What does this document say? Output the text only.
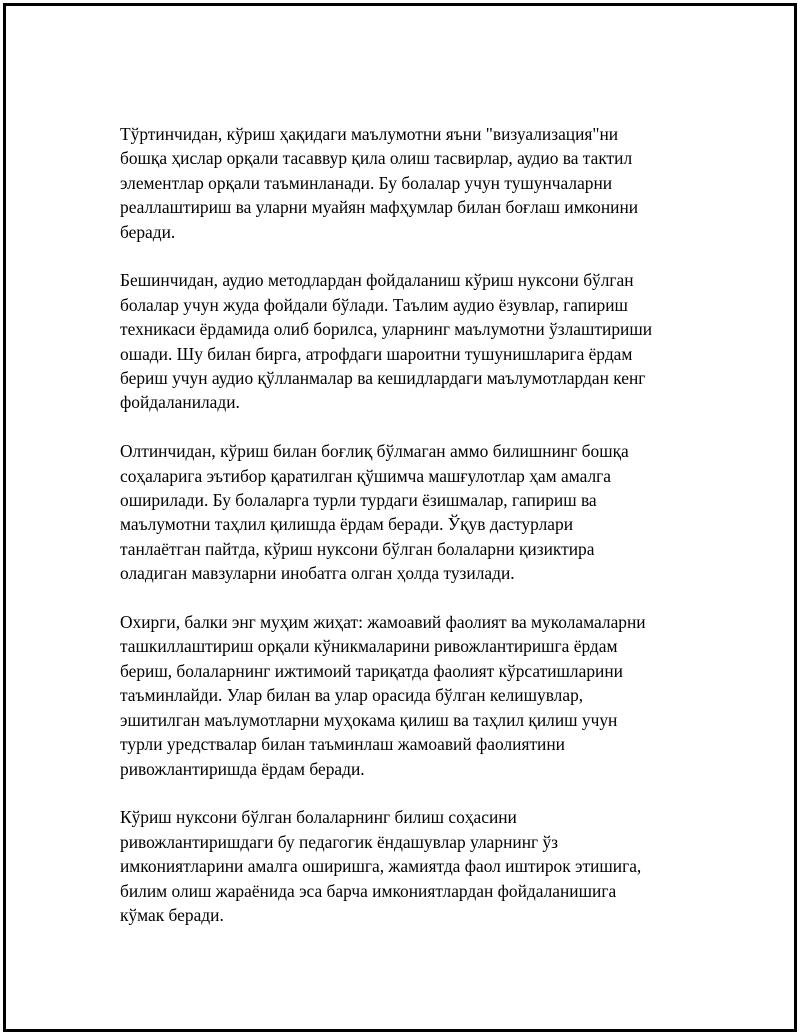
Тўртинчидан, кўриш ҳақидаги маълумотни яъни "визуализация"ни
бошқа ҳислар орқали тасаввур қила олиш тасвирлар, аудио ва тактил
элементлар орқали таъминланади. Бу болалар учун тушунчаларни
реаллаштириш ва уларни муайян мафҳумлар билан боғлаш имконини
беради.

Бешинчидан, аудио методлардан фойдаланиш кўриш нуксони бўлган
болалар учун жуда фойдали бўлади. Таълим аудио ёзувлар, гапириш
техникаси ёрдамида олиб борилса, уларнинг маълумотни ўзлаштириши
ошади. Шу билан бирга, атрофдаги шароитни тушунишларига ёрдам
бериш учун аудио қўлланмалар ва кешидлардаги маълумотлардан кенг
фойдаланилади.

Олтинчидан, кўриш билан боғлиқ бўлмаган аммо билишнинг бошқа
соҳаларига эътибор қаратилган қўшимча машғулотлар ҳам амалга
оширилади. Бу болаларга турли турдаги ёзишмалар, гапириш ва
маълумотни таҳлил қилишда ёрдам беради. Ўқув дастурлари
танлаётган пайтда, кўриш нуксони бўлган болаларни қизиктира
оладиган мавзуларни инобатга олган ҳолда тузилади.

Охирги, балки энг муҳим жиҳат: жамоавий фаолият ва муколамаларни
ташкиллаштириш орқали кўникмаларини ривожлантиришга ёрдам
бериш, болаларнинг ижтимоий тариқатда фаолият кўрсатишларини
таъминлайди. Улар билан ва улар орасида бўлган келишувлар,
эшитилган маълумотларни муҳокама қилиш ва таҳлил қилиш учун
турли уредствалар билан таъминлаш жамоавий фаолиятини
ривожлантиришда ёрдам беради.

Кўриш нуксони бўлган болаларнинг билиш соҳасини
ривожлантиришдаги бу педагогик ёндашувлар уларнинг ўз
имкониятларини амалга оширишга, жамиятда фаол иштирок этишига,
билим олиш жараёнида эса барча имкониятлардан фойдаланишига
кўмак беради.
